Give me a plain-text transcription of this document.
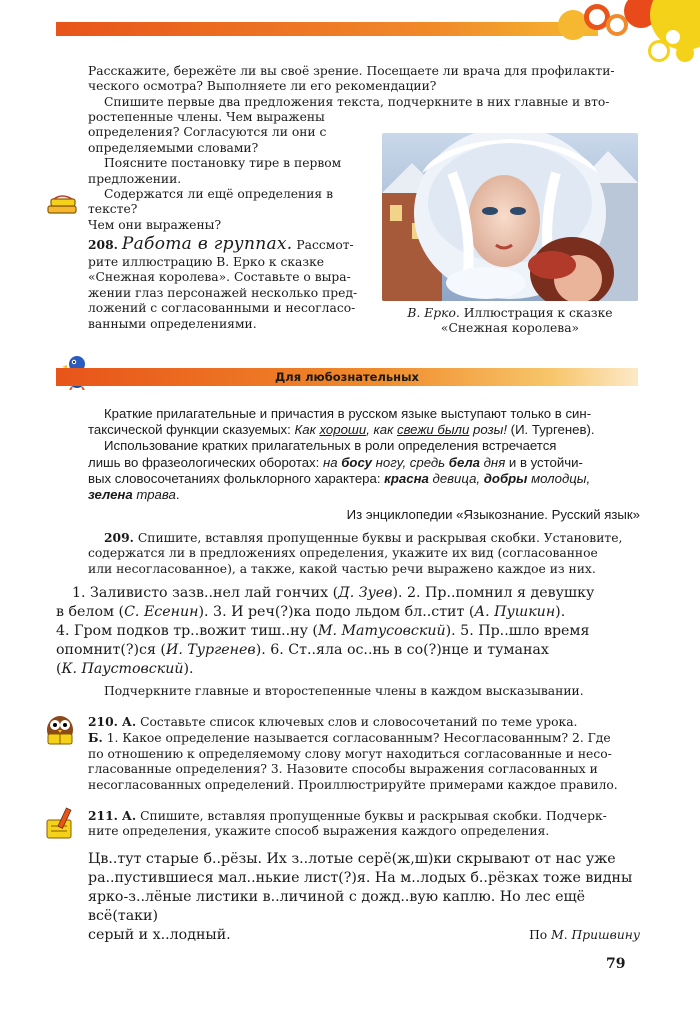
Расскажите, бережёте ли вы своё зрение. Посещаете ли врача для профилакти-
ческого осмотра? Выполняете ли его рекомендации?
Спишите первые два предложения текста, подчеркните в них главные и вто-
ростепенные члены. Чем выражены
определения? Согласуются ли они с
определяемыми словами?
Поясните постановку тире в первом
предложении.
Содержатся ли ещё определения в тексте?
Чем они выражены?
208. Работа в группах. Рассмот-
рите иллюстрацию В. Ерко к сказке
«Снежная королева». Составьте о выра-
жении глаз персонажей несколько пред-
ложений с согласованными и несогласо-
ванными определениями.
В. Ерко. Иллюстрация к сказке
«Снежная королева»
Для любознательных
Краткие прилагательные и причастия в русском языке выступают только в син-
таксической функции сказуемых: Как хороши, как свежи были розы! (И. Тургенев).
Использование кратких прилагательных в роли определения встречается
лишь во фразеологических оборотах: на босу ногу, средь бела дня и в устойчи-
вых словосочетаниях фольклорного характера: красна девица, добры молодцы,
зелена трава.
Из энциклопедии «Языкознание. Русский язык»
209. Спишите, вставляя пропущенные буквы и раскрывая скобки. Установите,
содержатся ли в предложениях определения, укажите их вид (согласованное
или несогласованное), а также, какой частью речи выражено каждое из них.
1. Заливисто зазв..нел лай гончих (Д. Зуев). 2. Пр..помнил я девушку
в белом (С. Есенин). 3. И реч(?)ка подо льдом бл..стит (А. Пушкин).
4. Гром подков тр..вожит тиш..ну (М. Матусовский). 5. Пр..шло время
опомнит(?)ся (И. Тургенев). 6. Ст..яла ос..нь в со(?)нце и туманах
(К. Паустовский).
Подчеркните главные и второстепенные члены в каждом высказывании.
210. А. Составьте список ключевых слов и словосочетаний по теме урока.
Б. 1. Какое определение называется согласованным? Несогласованным? 2. Где
по отношению к определяемому слову могут находиться согласованные и несо-
гласованные определения? 3. Назовите способы выражения согласованных и
несогласованных определений. Проиллюстрируйте примерами каждое правило.
211. А. Спишите, вставляя пропущенные буквы и раскрывая скобки. Подчерк-
ните определения, укажите способ выражения каждого определения.
Цв..тут старые б..рёзы. Их з..лотые серё(ж,ш)ки скрывают от нас уже
ра..пустившиеся мал..нькие лист(?)я. На м..лодых б..рёзках тоже видны
ярко-з..лёные листики в..личиной с дожд..вую каплю. Но лес ещё всё(таки)
серый и х..лодный.	По М. Пришвину
79
